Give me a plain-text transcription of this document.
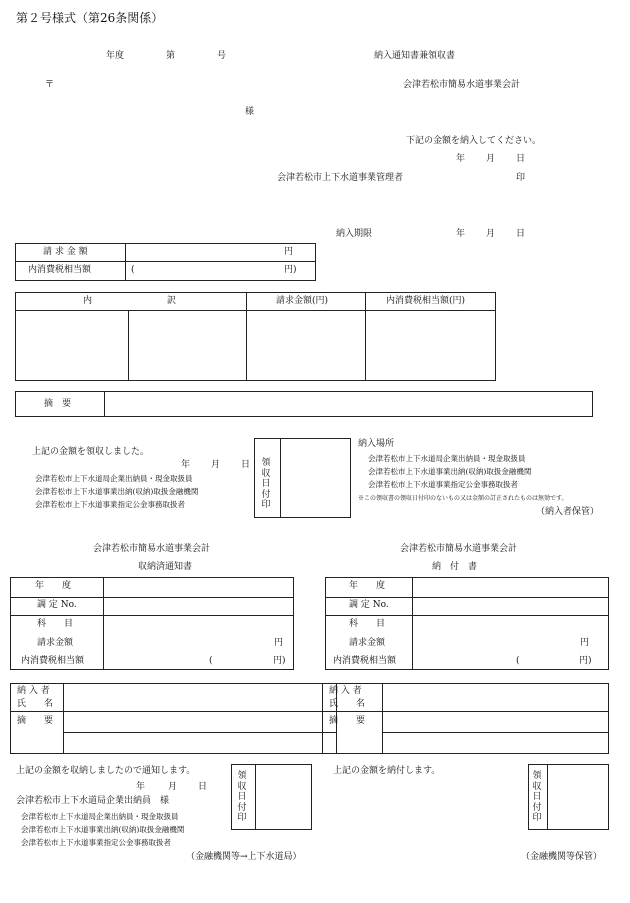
第２号様式（第26条関係）
年度	第	号	納入通知書兼領収書
〒	会津若松市簡易水道事業会計
様
下記の金額を納入してください。
年 月 日
会津若松市上下水道事業管理者	印
納入期限	年 月 日
請 求 金 額	円
内消費税相当額	(	円)
内	訳	請求金額(円)	内消費税相当額(円)
摘　要
上記の金額を領収しました。
年 月 日
会津若松市上下水道局企業出納員・現金取扱員
会津若松市上下水道事業出納(収納)取扱金融機関
会津若松市上下水道事業指定公金事務取扱者
領
収
日
付
印
納入場所
会津若松市上下水道局企業出納員・現金取扱員
会津若松市上下水道事業出納(収納)取扱金融機関
会津若松市上下水道事業指定公金事務取扱者
※この領収書の領収日付印のないもの又は金額の訂正されたものは無効です。
（納入者保管）
会津若松市簡易水道事業会計
収納済通知書
年　　度
調 定 No.
科　　目
請求金額	円
内消費税相当額	(	円)
納 入 者
氏　　名
摘　　要
上記の金額を収納しましたので通知します。
年	月 日
会津若松市上下水道局企業出納員　様
会津若松市上下水道局企業出納員・現金取扱員
会津若松市上下水道事業出納(収納)取扱金融機関
会津若松市上下水道事業指定公金事務取扱者
領
収
日
付
印
（金融機関等→上下水道局）
会津若松市簡易水道事業会計
納　付　書
年　　度
調 定 No.
科　　目
請求金額	円
内消費税相当額	(	円)
納 入 者
氏　　名
摘　　要
上記の金額を納付します。	領
収
日
付
印
（金融機関等保管）
